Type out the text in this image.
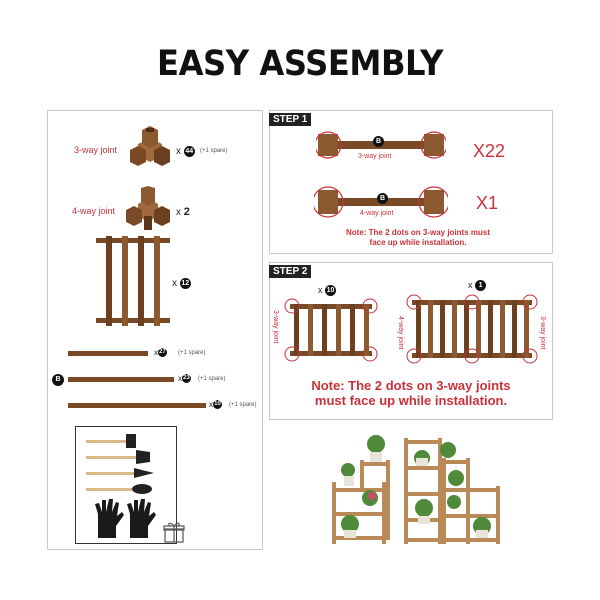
EASY ASSEMBLY
3-way joint	x 44 (+1 spare)
4-way joint	x 2
x 12
x27 (+1 spare)
B	x23 (+1 spare)
x10 (+1 spare)
STEP 1
B
3-way joint	X22
B
4-way joint
X1
Note: The 2 dots on 3-way joints must face up while installation.
STEP 2
x 10
3-way joint
x 1
4-way joint	3-way joint
Note: The 2 dots on 3-way joints must face up while installation.
